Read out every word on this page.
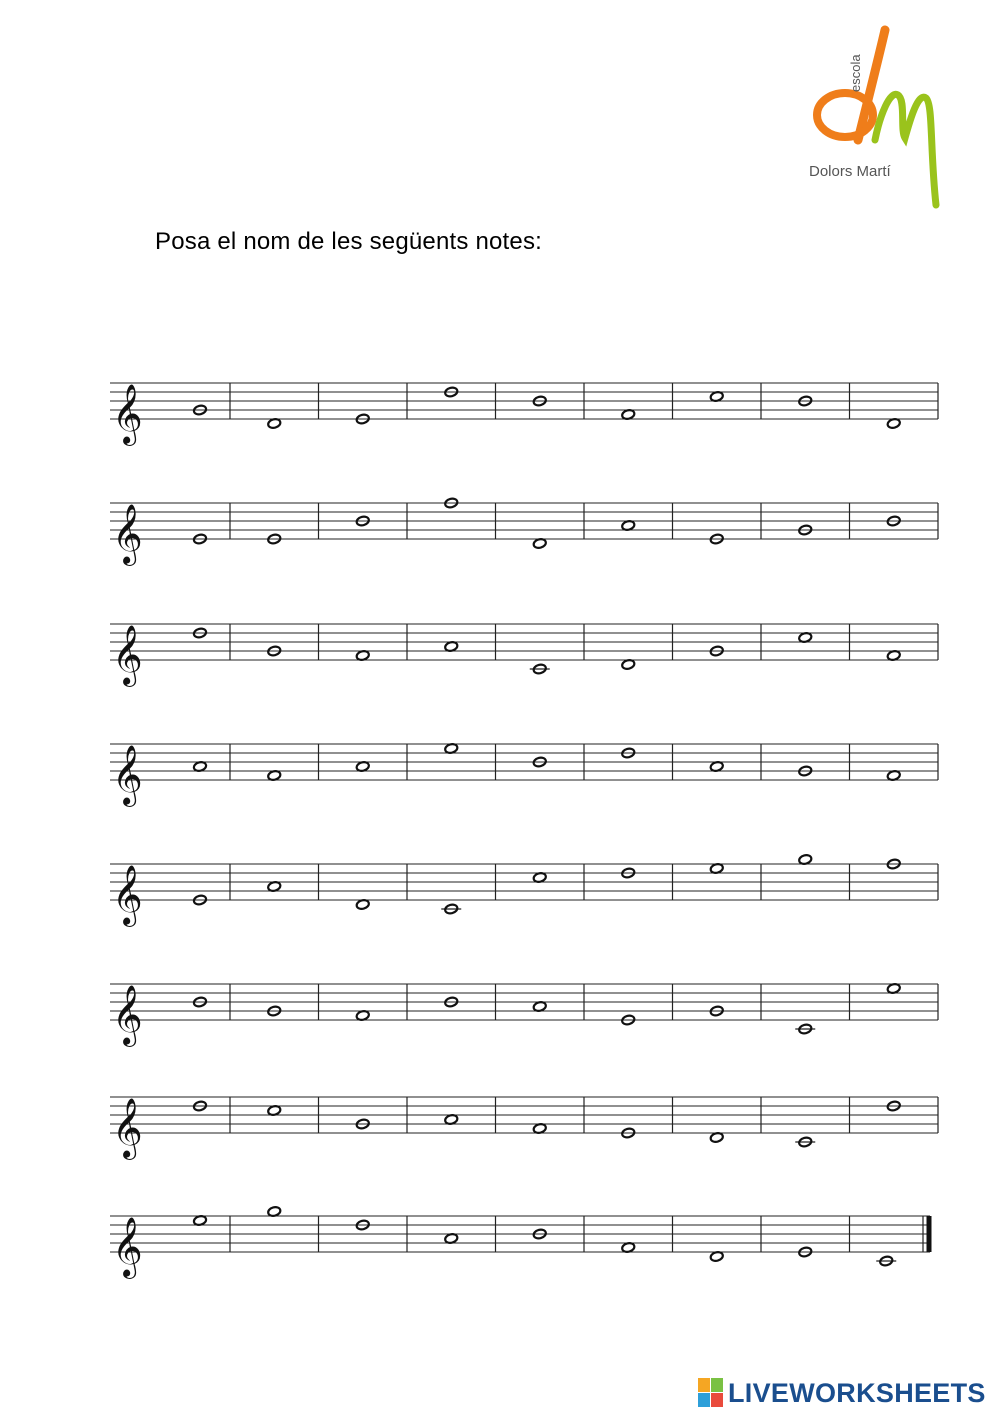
escola
Dolors Martí
Posa el nom de les següents notes:
𝄞
𝄞
𝄞
𝄞
𝄞
𝄞
𝄞
𝄞
LIVEWORKSHEETS
